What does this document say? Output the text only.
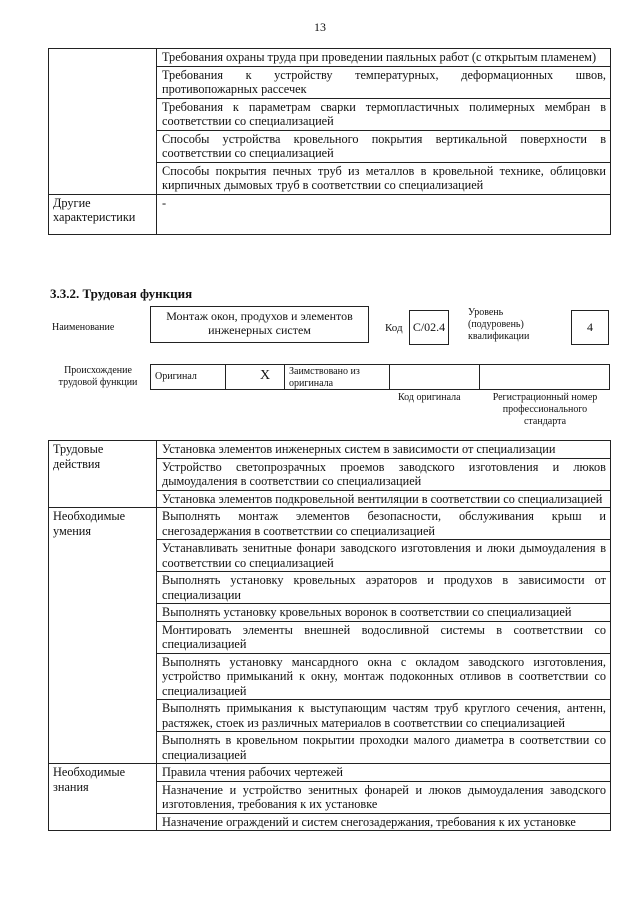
13
	Требования охраны труда при проведении паяльных работ (с открытым пламенем)
	Требования к устройству температурных, деформационных швов, противопожарных рассечек
	Требования к параметрам сварки термопластичных полимерных мембран в соответствии со специализацией
	Способы устройства кровельного покрытия вертикальной поверхности в соответствии со специализацией
	Способы покрытия печных труб из металлов в кровельной технике, облицовки кирпичных дымовых труб в соответствии со специализацией
Другие характеристики	-
3.3.2. Трудовая функция
Наименование
Монтаж окон, продухов и элементов инженерных систем	Код C/02.4
Уровень (подуровень) квалификации
4
Происхождение трудовой функции
Оригинал	X Заимствовано из оригинала
Код оригинала	Регистрационный номер профессионального стандарта
Трудовые действия	Установка элементов инженерных систем в зависимости от специализации
	Устройство светопрозрачных проемов заводского изготовления и люков дымоудаления в соответствии со специализацией
	Установка элементов подкровельной вентиляции в соответствии со специализацией
Необходимые умения	Выполнять монтаж элементов безопасности, обслуживания крыш и снегозадержания в соответствии со специализацией
	Устанавливать зенитные фонари заводского изготовления и люки дымоудаления в соответствии со специализацией
	Выполнять установку кровельных аэраторов и продухов в зависимости от специализации
	Выполнять установку кровельных воронок в соответствии со специализацией
	Монтировать элементы внешней водосливной системы в соответствии со специализацией
	Выполнять установку мансардного окна с окладом заводского изготовления, устройство примыканий к окну, монтаж подоконных отливов в соответствии со специализацией
	Выполнять примыкания к выступающим частям труб круглого сечения, антенн, растяжек, стоек из различных материалов в соответствии со специализацией
	Выполнять в кровельном покрытии проходки малого диаметра в соответствии со специализацией
Необходимые знания	Правила чтения рабочих чертежей
	Назначение и устройство зенитных фонарей и люков дымоудаления заводского изготовления, требования к их установке
	Назначение ограждений и систем снегозадержания, требования к их установке
